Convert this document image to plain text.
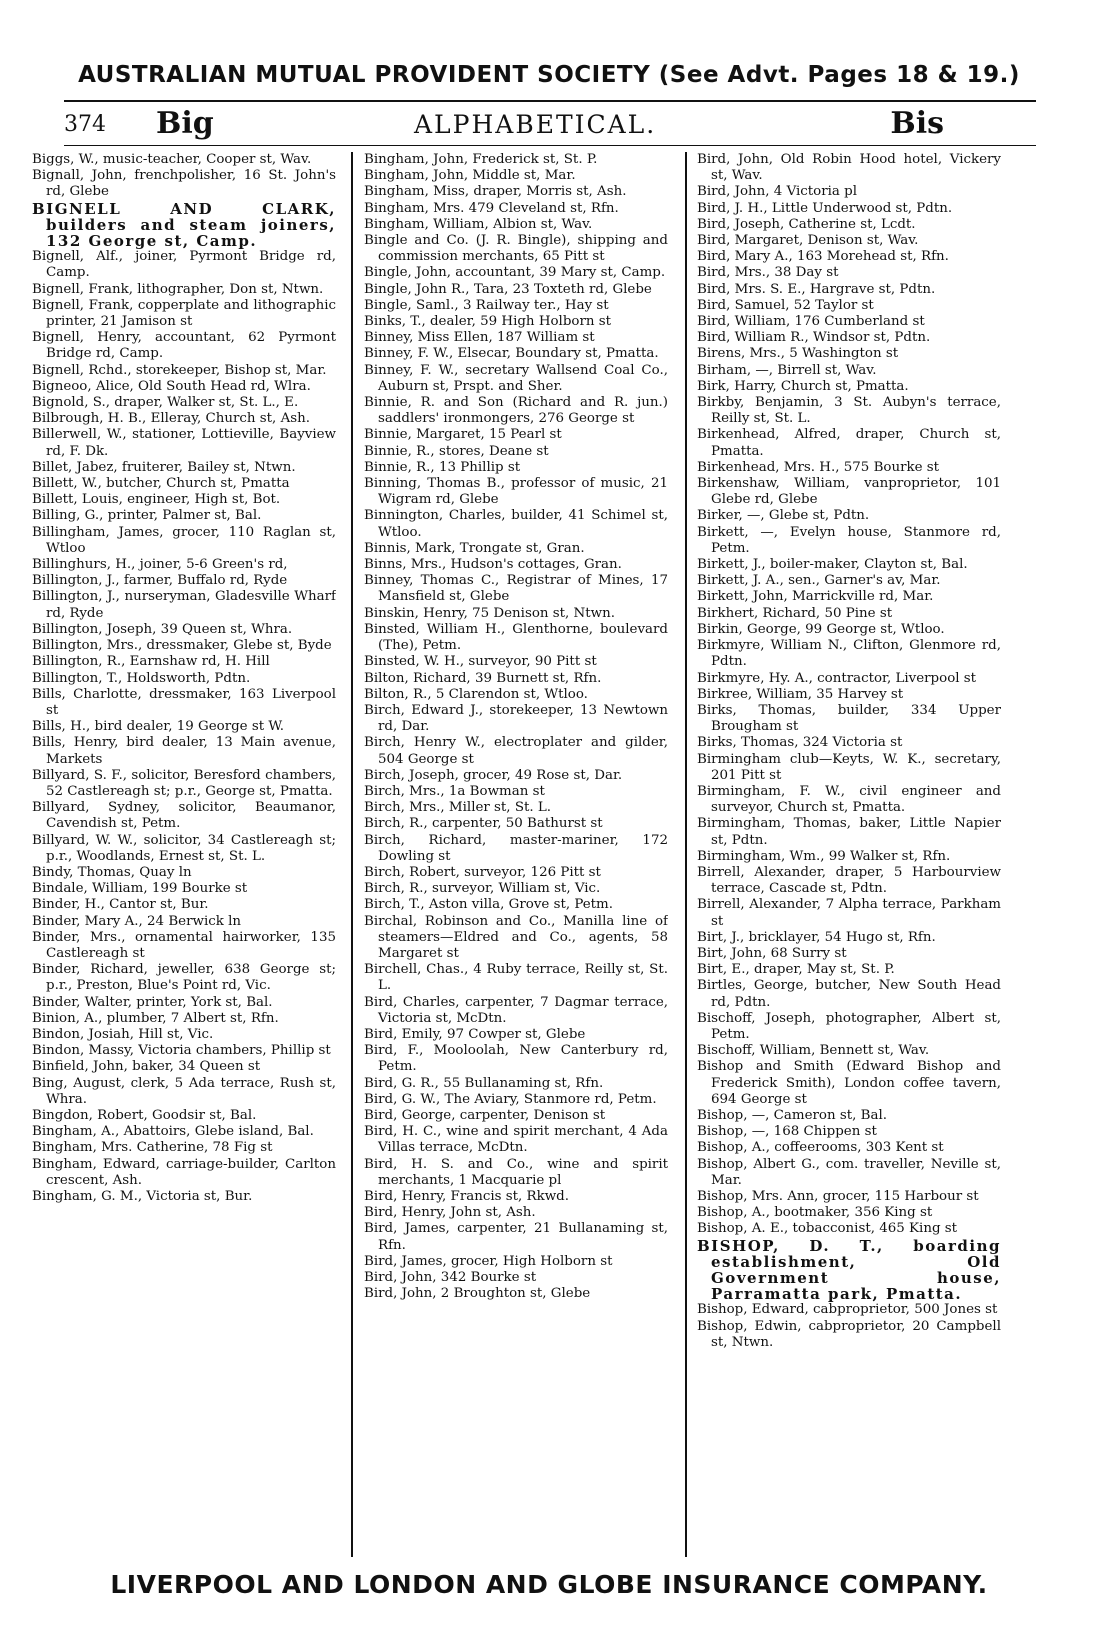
AUSTRALIAN MUTUAL PROVIDENT SOCIETY (See Advt. Pages 18 & 19.)
374 Big	ALPHABETICAL.	Bis

Biggs, W., music-teacher, Cooper st, Wav.

Bignall, John, frenchpolisher, 16 St. John's rd, Glebe

BIGNELL AND CLARK, builders and steam joiners, 132 George st, Camp.

Bignell, Alf., joiner, Pyrmont Bridge rd, Camp.

Bignell, Frank, lithographer, Don st, Ntwn.

Bignell, Frank, copperplate and lithographic printer, 21 Jamison st

Bignell, Henry, accountant, 62 Pyrmont Bridge rd, Camp.

Bignell, Rchd., storekeeper, Bishop st, Mar.

Bigneoo, Alice, Old South Head rd, Wlra.

Bignold, S., draper, Walker st, St. L., E.

Bilbrough, H. B., Elleray, Church st, Ash.

Billerwell, W., stationer, Lottieville, Bayview rd, F. Dk.

Billet, Jabez, fruiterer, Bailey st, Ntwn.

Billett, W., butcher, Church st, Pmatta

Billett, Louis, engineer, High st, Bot.

Billing, G., printer, Palmer st, Bal.

Billingham, James, grocer, 110 Raglan st, Wtloo

Billinghurs, H., joiner, 5-6 Green's rd,

Billington, J., farmer, Buffalo rd, Ryde

Billington, J., nurseryman, Gladesville Wharf rd, Ryde

Billington, Joseph, 39 Queen st, Whra.

Billington, Mrs., dressmaker, Glebe st, Byde

Billington, R., Earnshaw rd, H. Hill

Billington, T., Holdsworth, Pdtn.

Bills, Charlotte, dressmaker, 163 Liverpool st

Bills, H., bird dealer, 19 George st W.

Bills, Henry, bird dealer, 13 Main avenue, Markets

Billyard, S. F., solicitor, Beresford chambers, 52 Castlereagh st; p.r., George st, Pmatta.

Billyard, Sydney, solicitor, Beaumanor, Cavendish st, Petm.

Billyard, W. W., solicitor, 34 Castlereagh st; p.r., Woodlands, Ernest st, St. L.

Bindy, Thomas, Quay ln

Bindale, William, 199 Bourke st

Binder, H., Cantor st, Bur.

Binder, Mary A., 24 Berwick ln

Binder, Mrs., ornamental hairworker, 135 Castlereagh st

Binder, Richard, jeweller, 638 George st; p.r., Preston, Blue's Point rd, Vic.

Binder, Walter, printer, York st, Bal.

Binion, A., plumber, 7 Albert st, Rfn.

Bindon, Josiah, Hill st, Vic.

Bindon, Massy, Victoria chambers, Phillip st

Binfield, John, baker, 34 Queen st

Bing, August, clerk, 5 Ada terrace, Rush st, Whra.

Bingdon, Robert, Goodsir st, Bal.

Bingham, A., Abattoirs, Glebe island, Bal.

Bingham, Mrs. Catherine, 78 Fig st

Bingham, Edward, carriage-builder, Carlton crescent, Ash.

Bingham, G. M., Victoria st, Bur.

Bingham, John, Frederick st, St. P.

Bingham, John, Middle st, Mar.

Bingham, Miss, draper, Morris st, Ash.

Bingham, Mrs. 479 Cleveland st, Rfn.

Bingham, William, Albion st, Wav.

Bingle and Co. (J. R. Bingle), shipping and commission merchants, 65 Pitt st

Bingle, John, accountant, 39 Mary st, Camp.

Bingle, John R., Tara, 23 Toxteth rd, Glebe

Bingle, Saml., 3 Railway ter., Hay st

Binks, T., dealer, 59 High Holborn st

Binney, Miss Ellen, 187 William st

Binney, F. W., Elsecar, Boundary st, Pmatta.

Binney, F. W., secretary Wallsend Coal Co., Auburn st, Prspt. and Sher.

Binnie, R. and Son (Richard and R. jun.) saddlers' ironmongers, 276 George st

Binnie, Margaret, 15 Pearl st

Binnie, R., stores, Deane st

Binnie, R., 13 Phillip st

Binning, Thomas B., professor of music, 21 Wigram rd, Glebe

Binnington, Charles, builder, 41 Schimel st, Wtloo.

Binnis, Mark, Trongate st, Gran.

Binns, Mrs., Hudson's cottages, Gran.

Binney, Thomas C., Registrar of Mines, 17 Mansfield st, Glebe

Binskin, Henry, 75 Denison st, Ntwn.

Binsted, William H., Glenthorne, boulevard (The), Petm.

Binsted, W. H., surveyor, 90 Pitt st

Bilton, Richard, 39 Burnett st, Rfn.

Bilton, R., 5 Clarendon st, Wtloo.

Birch, Edward J., storekeeper, 13 Newtown rd, Dar.

Birch, Henry W., electroplater and gilder, 504 George st

Birch, Joseph, grocer, 49 Rose st, Dar.

Birch, Mrs., 1a Bowman st

Birch, Mrs., Miller st, St. L.

Birch, R., carpenter, 50 Bathurst st

Birch, Richard, master-mariner, 172 Dowling st

Birch, Robert, surveyor, 126 Pitt st

Birch, R., surveyor, William st, Vic.

Birch, T., Aston villa, Grove st, Petm.

Birchal, Robinson and Co., Manilla line of steamers—Eldred and Co., agents, 58 Margaret st

Birchell, Chas., 4 Ruby terrace, Reilly st, St. L.

Bird, Charles, carpenter, 7 Dagmar terrace, Victoria st, McDtn.

Bird, Emily, 97 Cowper st, Glebe

Bird, F., Mooloolah, New Canterbury rd, Petm.

Bird, G. R., 55 Bullanaming st, Rfn.

Bird, G. W., The Aviary, Stanmore rd, Petm.

Bird, George, carpenter, Denison st

Bird, H. C., wine and spirit merchant, 4 Ada Villas terrace, McDtn.

Bird, H. S. and Co., wine and spirit merchants, 1 Macquarie pl

Bird, Henry, Francis st, Rkwd.

Bird, Henry, John st, Ash.

Bird, James, carpenter, 21 Bullanaming st, Rfn.

Bird, James, grocer, High Holborn st

Bird, John, 342 Bourke st

Bird, John, 2 Broughton st, Glebe

Bird, John, Old Robin Hood hotel, Vickery st, Wav.

Bird, John, 4 Victoria pl

Bird, J. H., Little Underwood st, Pdtn.

Bird, Joseph, Catherine st, Lcdt.

Bird, Margaret, Denison st, Wav.

Bird, Mary A., 163 Morehead st, Rfn.

Bird, Mrs., 38 Day st

Bird, Mrs. S. E., Hargrave st, Pdtn.

Bird, Samuel, 52 Taylor st

Bird, William, 176 Cumberland st

Bird, William R., Windsor st, Pdtn.

Birens, Mrs., 5 Washington st

Birham, —, Birrell st, Wav.

Birk, Harry, Church st, Pmatta.

Birkby, Benjamin, 3 St. Aubyn's terrace, Reilly st, St. L.

Birkenhead, Alfred, draper, Church st, Pmatta.

Birkenhead, Mrs. H., 575 Bourke st

Birkenshaw, William, vanproprietor, 101 Glebe rd, Glebe

Birker, —, Glebe st, Pdtn.

Birkett, —, Evelyn house, Stanmore rd, Petm.

Birkett, J., boiler-maker, Clayton st, Bal.

Birkett, J. A., sen., Garner's av, Mar.

Birkett, John, Marrickville rd, Mar.

Birkhert, Richard, 50 Pine st

Birkin, George, 99 George st, Wtloo.

Birkmyre, William N., Clifton, Glenmore rd, Pdtn.

Birkmyre, Hy. A., contractor, Liverpool st

Birkree, William, 35 Harvey st

Birks, Thomas, builder, 334 Upper Brougham st

Birks, Thomas, 324 Victoria st

Birmingham club—Keyts, W. K., secretary, 201 Pitt st

Birmingham, F. W., civil engineer and surveyor, Church st, Pmatta.

Birmingham, Thomas, baker, Little Napier st, Pdtn.

Birmingham, Wm., 99 Walker st, Rfn.

Birrell, Alexander, draper, 5 Harbourview terrace, Cascade st, Pdtn.

Birrell, Alexander, 7 Alpha terrace, Parkham st

Birt, J., bricklayer, 54 Hugo st, Rfn.

Birt, John, 68 Surry st

Birt, E., draper, May st, St. P.

Birtles, George, butcher, New South Head rd, Pdtn.

Bischoff, Joseph, photographer, Albert st, Petm.

Bischoff, William, Bennett st, Wav.

Bishop and Smith (Edward Bishop and Frederick Smith), London coffee tavern, 694 George st

Bishop, —, Cameron st, Bal.

Bishop, —, 168 Chippen st

Bishop, A., coffeerooms, 303 Kent st

Bishop, Albert G., com. traveller, Neville st, Mar.

Bishop, Mrs. Ann, grocer, 115 Harbour st

Bishop, A., bootmaker, 356 King st

Bishop, A. E., tobacconist, 465 King st

BISHOP, D. T., boarding establishment, Old Government house, Parramatta park, Pmatta.

Bishop, Edward, cabproprietor, 500 Jones st

Bishop, Edwin, cabproprietor, 20 Campbell st, Ntwn.

LIVERPOOL AND LONDON AND GLOBE INSURANCE COMPANY.
